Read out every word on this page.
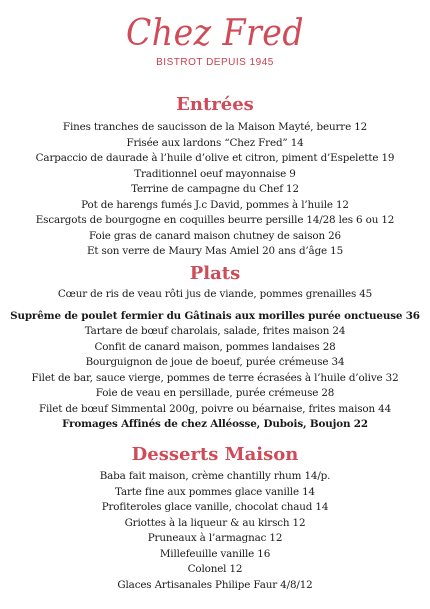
Chez Fred
BISTROT DEPUIS 1945
Entrées
Fines tranches de saucisson de la Maison Mayté, beurre 12
Frisée aux lardons “Chez Fred” 14
Carpaccio de daurade à l’huile d’olive et citron, piment d’Espelette 19
Traditionnel oeuf mayonnaise 9
Terrine de campagne du Chef 12
Pot de harengs fumés J.c David, pommes à l’huile 12
Escargots de bourgogne en coquilles beurre persille 14/28 les 6 ou 12
Foie gras de canard maison chutney de saison 26
Et son verre de Maury Mas Amiel 20 ans d’âge 15
Plats
Cœur de ris de veau rôti jus de viande, pommes grenailles 45
Suprême de poulet fermier du Gâtinais aux morilles purée onctueuse 36
Tartare de bœuf charolais, salade, frites maison 24
Confit de canard maison, pommes landaises 28
Bourguignon de joue de boeuf, purée crémeuse 34
Filet de bar, sauce vierge, pommes de terre écrasées à l’huile d’olive 32
Foie de veau en persillade, purée crémeuse 28
Filet de bœuf Simmental 200g, poivre ou béarnaise, frites maison 44
Fromages Affinés de chez Alléosse, Dubois, Boujon 22
Desserts Maison
Baba fait maison, crème chantilly rhum 14/p.
Tarte fine aux pommes glace vanille 14
Profiteroles glace vanille, chocolat chaud 14
Griottes à la liqueur & au kirsch 12
Pruneaux à l’armagnac 12
Millefeuille vanille 16
Colonel 12
Glaces Artisanales Philipe Faur 4/8/12
